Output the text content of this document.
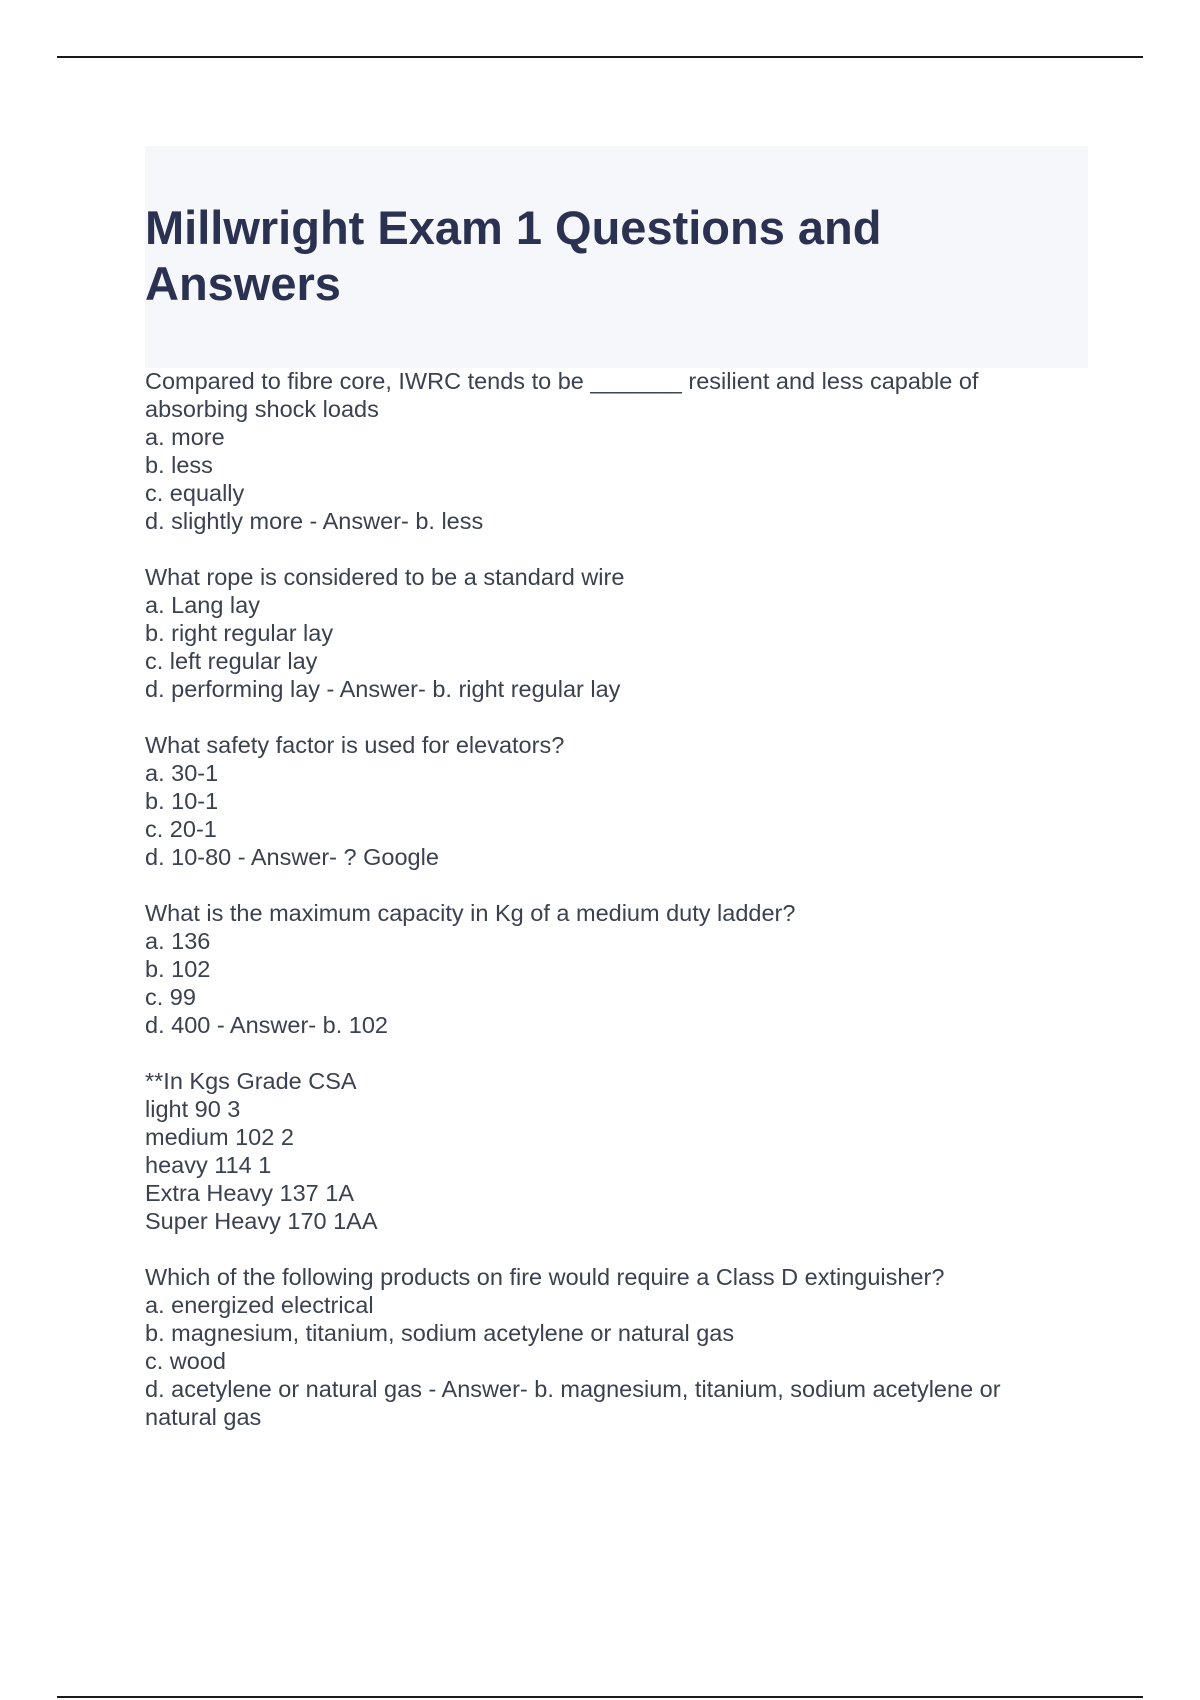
Millwright Exam 1 Questions and Answers
Compared to fibre core, IWRC tends to be _______ resilient and less capable of absorbing shock loads
a. more
b. less
c. equally
d. slightly more - Answer- b. less
What rope is considered to be a standard wire
a. Lang lay
b. right regular lay
c. left regular lay
d. performing lay - Answer- b. right regular lay
What safety factor is used for elevators?
a. 30-1
b. 10-1
c. 20-1
d. 10-80 - Answer- ? Google
What is the maximum capacity in Kg of a medium duty ladder?
a. 136
b. 102
c. 99
d. 400 - Answer- b. 102
**In Kgs Grade CSA
light 90 3
medium 102 2
heavy 114 1
Extra Heavy 137 1A
Super Heavy 170 1AA
Which of the following products on fire would require a Class D extinguisher?
a. energized electrical
b. magnesium, titanium, sodium acetylene or natural gas
c. wood
d. acetylene or natural gas - Answer- b. magnesium, titanium, sodium acetylene or natural gas
